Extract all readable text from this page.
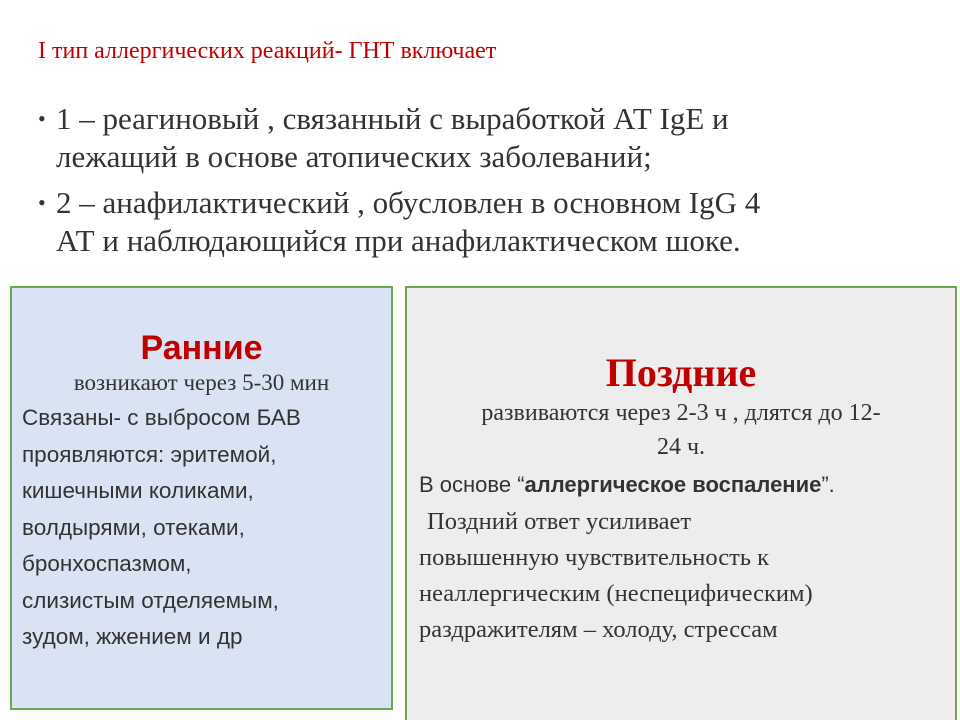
I тип аллергических реакций- ГНТ включает
• 1 – реагиновый , связанный с выработкой АТ IgE и
лежащий в основе атопических заболеваний;
• 2 – анафилактический , обусловлен в основном IgG 4
АТ и наблюдающийся при анафилактическом шоке.
Ранние
возникают через 5-30 мин
Связаны- с выбросом БАВ
проявляются: эритемой,
кишечными коликами,
волдырями, отеками,
бронхоспазмом,
слизистым отделяемым,
зудом, жжением и др
Поздние
развиваются через 2-3 ч , длятся до 12-
24 ч.
В основе “аллергическое воспаление”.
Поздний ответ усиливает
повышенную чувствительность к
неаллергическим (неспецифическим)
раздражителям – холоду, стрессам
